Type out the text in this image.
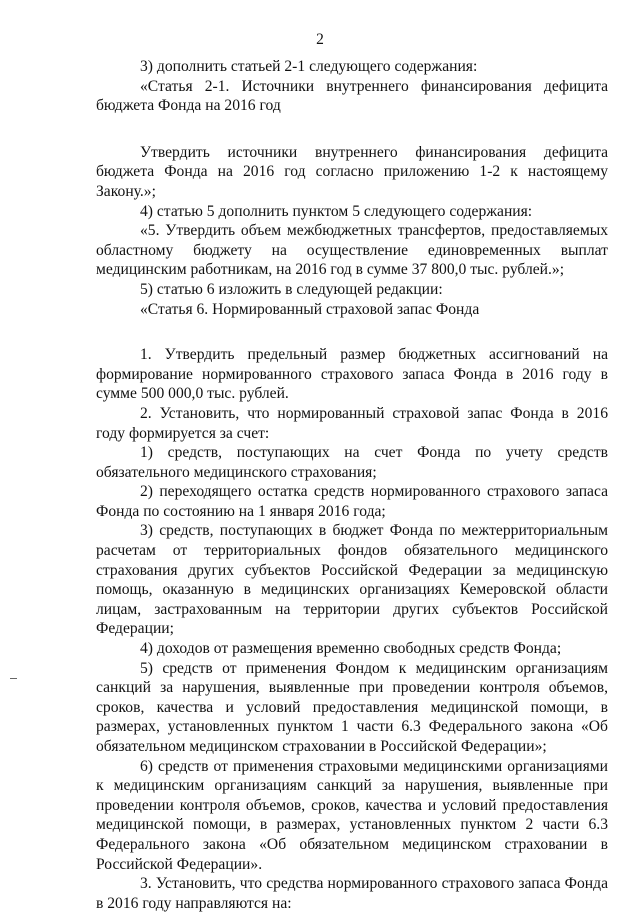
2

3) дополнить статьей 2-1 следующего содержания:

«Статья 2-1. Источники внутреннего финансирования дефицита бюджета Фонда на 2016 год

Утвердить источники внутреннего финансирования дефицита бюджета Фонда на 2016 год согласно приложению 1-2 к настоящему Закону.»;

4) статью 5 дополнить пунктом 5 следующего содержания:

«5. Утвердить объем межбюджетных трансфертов, предоставляемых областному бюджету на осуществление единовременных выплат медицинским работникам, на 2016 год в сумме 37 800,0 тыс. рублей.»;

5) статью 6 изложить в следующей редакции:

«Статья 6. Нормированный страховой запас Фонда

1. Утвердить предельный размер бюджетных ассигнований на формирование нормированного страхового запаса Фонда в 2016 году в сумме 500 000,0 тыс. рублей.

2. Установить, что нормированный страховой запас Фонда в 2016 году формируется за счет:

1) средств, поступающих на счет Фонда по учету средств обязательного медицинского страхования;

2) переходящего остатка средств нормированного страхового запаса Фонда по состоянию на 1 января 2016 года;

3) средств, поступающих в бюджет Фонда по межтерриториальным расчетам от территориальных фондов обязательного медицинского страхования других субъектов Российской Федерации за медицинскую помощь, оказанную в медицинских организациях Кемеровской области лицам, застрахованным на территории других субъектов Российской Федерации;

4) доходов от размещения временно свободных средств Фонда;

5) средств от применения Фондом к медицинским организациям санкций за нарушения, выявленные при проведении контроля объемов, сроков, качества и условий предоставления медицинской помощи, в размерах, установленных пунктом 1 части 6.3 Федерального закона «Об обязательном медицинском страховании в Российской Федерации»;

6) средств от применения страховыми медицинскими организациями к медицинским организациям санкций за нарушения, выявленные при проведении контроля объемов, сроков, качества и условий предоставления медицинской помощи, в размерах, установленных пунктом 2 части 6.3 Федерального закона «Об обязательном медицинском страховании в Российской Федерации».

3. Установить, что средства нормированного страхового запаса Фонда в 2016 году направляются на:
